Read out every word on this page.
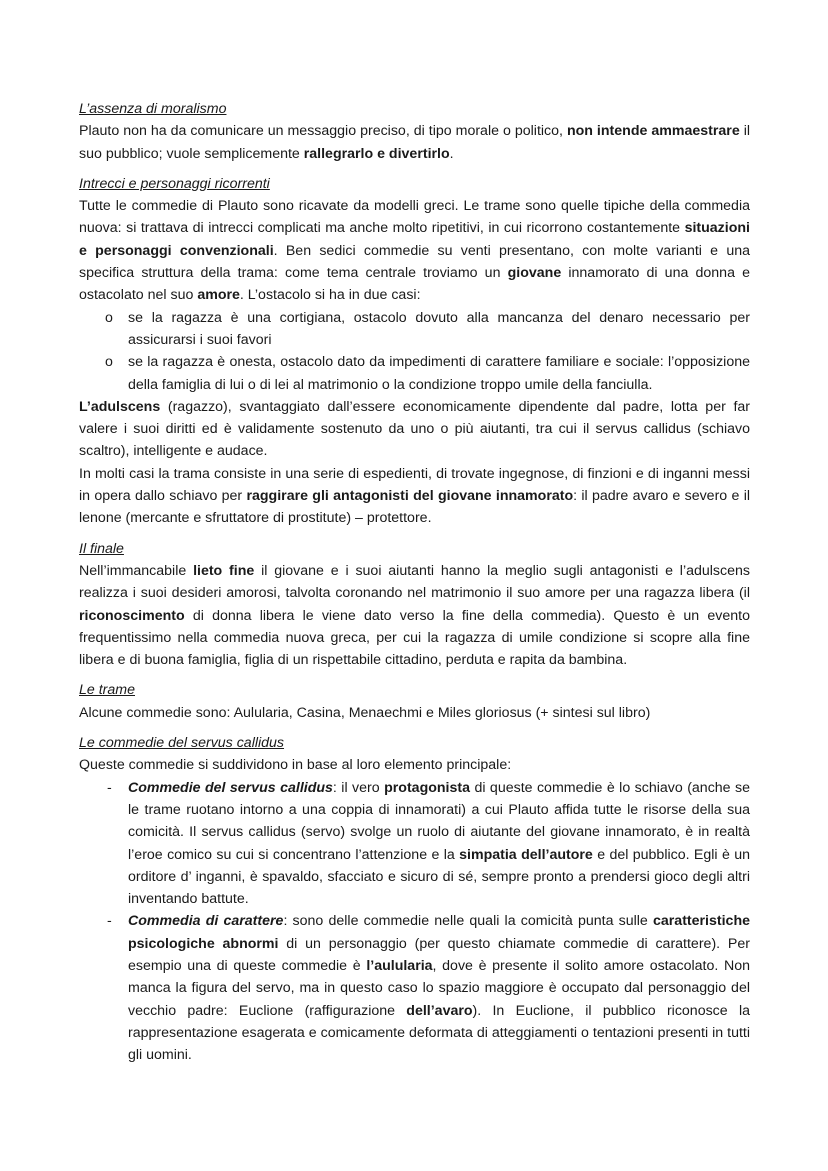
L’assenza di moralismo

Plauto non ha da comunicare un messaggio preciso, di tipo morale o politico, non intende ammaestrare il suo pubblico; vuole semplicemente rallegrarlo e divertirlo.

Intrecci e personaggi ricorrenti

Tutte le commedie di Plauto sono ricavate da modelli greci. Le trame sono quelle tipiche della commedia nuova: si trattava di intrecci complicati ma anche molto ripetitivi, in cui ricorrono costantemente situazioni e personaggi convenzionali. Ben sedici commedie su venti presentano, con molte varianti e una specifica struttura della trama: come tema centrale troviamo un giovane innamorato di una donna e ostacolato nel suo amore. L’ostacolo si ha in due casi:

o se la ragazza è una cortigiana, ostacolo dovuto alla mancanza del denaro necessario per assicurarsi i suoi favori
o se la ragazza è onesta, ostacolo dato da impedimenti di carattere familiare e sociale: l’opposizione della famiglia di lui o di lei al matrimonio o la condizione troppo umile della fanciulla.

L’adulscens (ragazzo), svantaggiato dall’essere economicamente dipendente dal padre, lotta per far valere i suoi diritti ed è validamente sostenuto da uno o più aiutanti, tra cui il servus callidus (schiavo scaltro), intelligente e audace.

In molti casi la trama consiste in una serie di espedienti, di trovate ingegnose, di finzioni e di inganni messi in opera dallo schiavo per raggirare gli antagonisti del giovane innamorato: il padre avaro e severo e il lenone (mercante e sfruttatore di prostitute) – protettore.

Il finale

Nell’immancabile lieto fine il giovane e i suoi aiutanti hanno la meglio sugli antagonisti e l’adulscens realizza i suoi desideri amorosi, talvolta coronando nel matrimonio il suo amore per una ragazza libera (il riconoscimento di donna libera le viene dato verso la fine della commedia). Questo è un evento frequentissimo nella commedia nuova greca, per cui la ragazza di umile condizione si scopre alla fine libera e di buona famiglia, figlia di un rispettabile cittadino, perduta e rapita da bambina.

Le trame

Alcune commedie sono: Aulularia, Casina, Menaechmi e Miles gloriosus (+ sintesi sul libro)

Le commedie del servus callidus

Queste commedie si suddividono in base al loro elemento principale:

- Commedie del servus callidus: il vero protagonista di queste commedie è lo schiavo (anche se le trame ruotano intorno a una coppia di innamorati) a cui Plauto affida tutte le risorse della sua comicità. Il servus callidus (servo) svolge un ruolo di aiutante del giovane innamorato, è in realtà l’eroe comico su cui si concentrano l’attenzione e la simpatia dell’autore e del pubblico. Egli è un orditore d’ inganni, è spavaldo, sfacciato e sicuro di sé, sempre pronto a prendersi gioco degli altri inventando battute.
- Commedia di carattere: sono delle commedie nelle quali la comicità punta sulle caratteristiche psicologiche abnormi di un personaggio (per questo chiamate commedie di carattere). Per esempio una di queste commedie è l’aulularia, dove è presente il solito amore ostacolato. Non manca la figura del servo, ma in questo caso lo spazio maggiore è occupato dal personaggio del vecchio padre: Euclione (raffigurazione dell’avaro). In Euclione, il pubblico riconosce la rappresentazione esagerata e comicamente deformata di atteggiamenti o tentazioni presenti in tutti gli uomini.
